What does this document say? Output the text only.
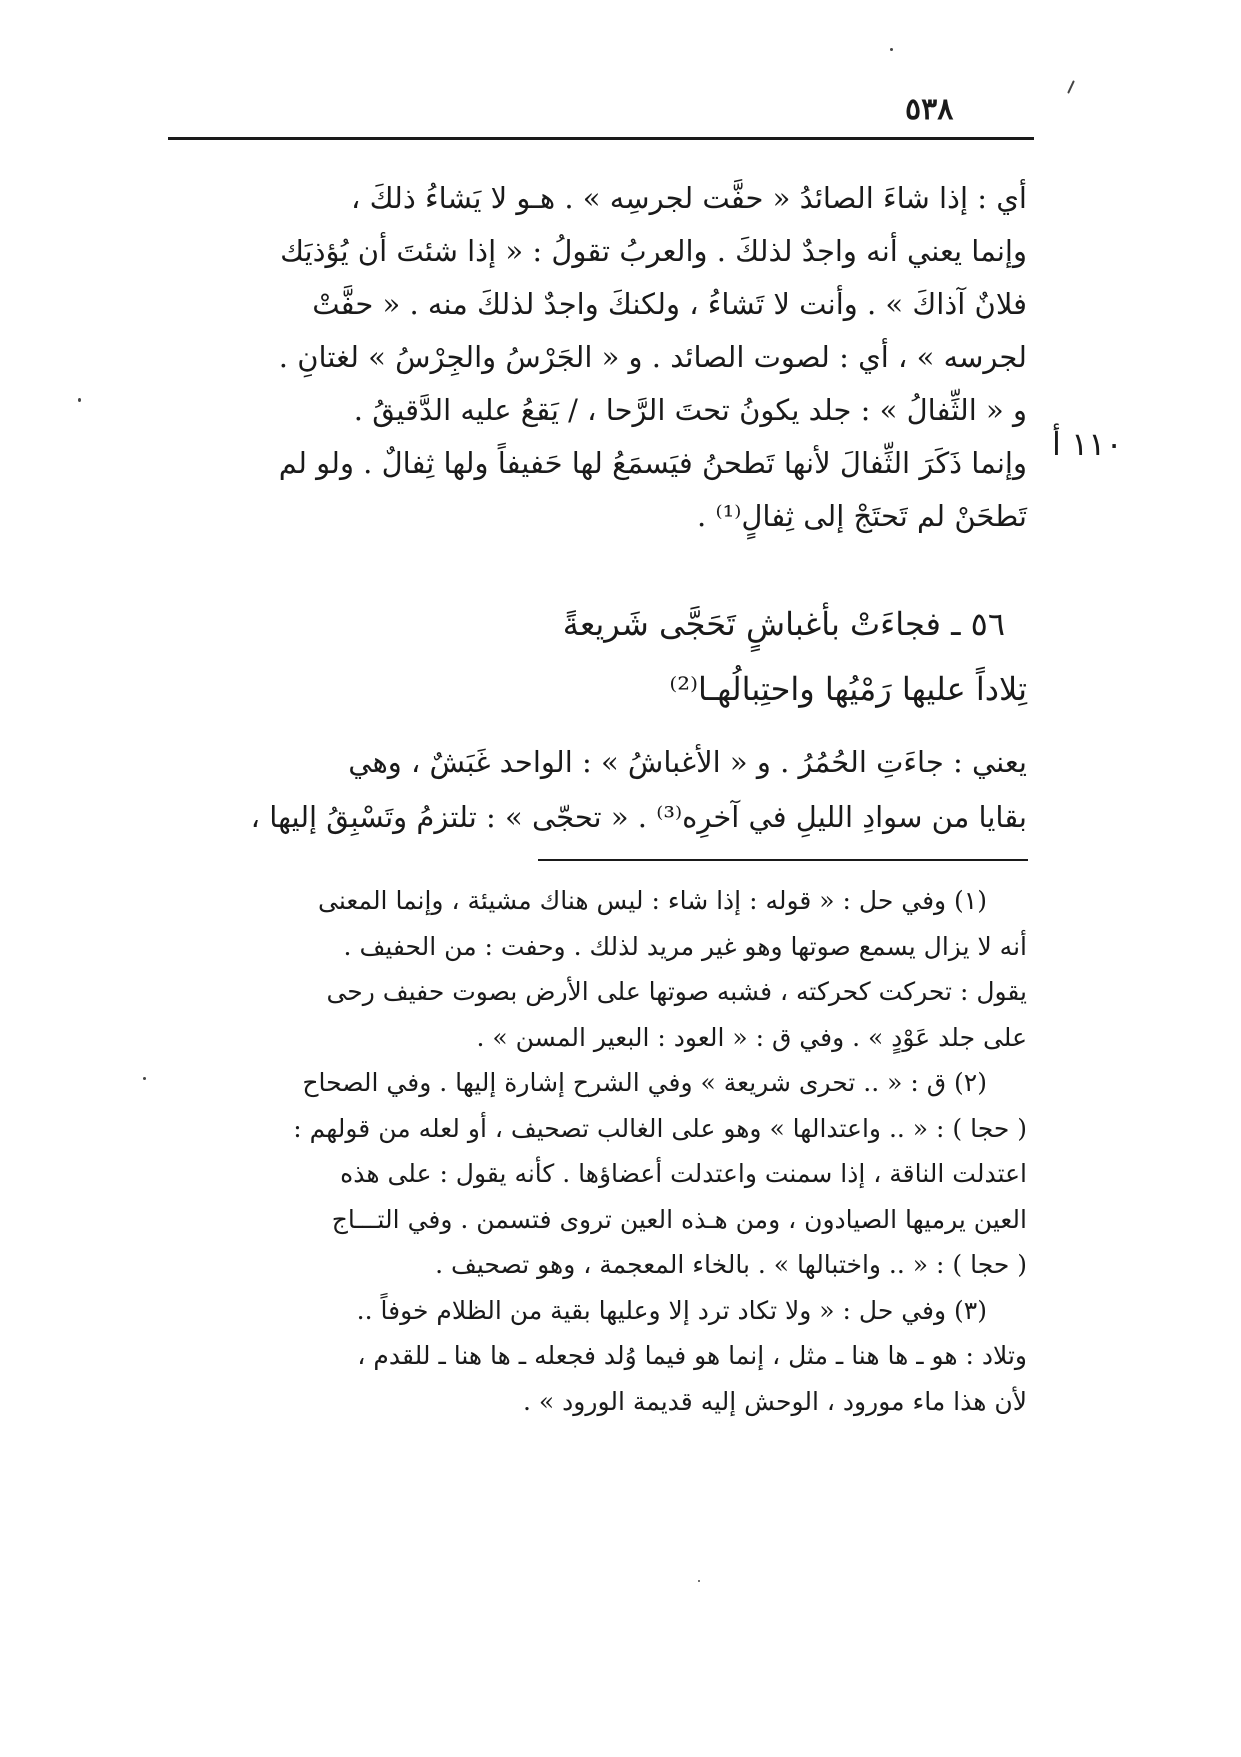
٥٣٨
١١٠ أ
أي : إذا شاءَ الصائدُ « حفَّت لجرسِه » . هـو لا يَشاءُ ذلكَ ،
وإنما يعني أنه واجدٌ لذلكَ . والعربُ تقولُ : « إذا شئتَ أن يُؤذيَك
فلانٌ آذاكَ » . وأنت لا تَشاءُ ، ولكنكَ واجدٌ لذلكَ منه . « حفَّتْ
لجرسه » ، أي : لصوت الصائد . و « الجَرْسُ والجِرْسُ » لغتانِ .
و « الثِّفالُ » : جلد يكونُ تحتَ الرَّحا ، / يَقعُ عليه الدَّقيقُ .
وإنما ذَكَرَ الثِّفالَ لأنها تَطحنُ فيَسمَعُ لها حَفيفاً ولها ثِفالٌ . ولو لم
تَطحَنْ لم تَحتَجْ إلى ثِفالٍ⁽¹⁾ .
٥٦ ـ فجاءَتْ بأغباشٍ تَحَجَّى شَريعةً
تِلاداً عليها رَمْيُها واحتِبالُهـا⁽²⁾
يعني : جاءَتِ الحُمُرُ . و « الأغباشُ » : الواحد غَبَشٌ ، وهي
بقايا من سوادِ الليلِ في آخرِه⁽³⁾ . « تحجّى » : تلتزمُ وتَسْبِقُ إليها ،
(١) وفي حل : « قوله : إذا شاء : ليس هناك مشيئة ، وإنما المعنى
أنه لا يزال يسمع صوتها وهو غير مريد لذلك . وحفت : من الحفيف .
يقول : تحركت كحركته ، فشبه صوتها على الأرض بصوت حفيف رحى
على جلد عَوْدٍ » . وفي ق : « العود : البعير المسن » .
(٢) ق : « .. تحرى شريعة » وفي الشرح إشارة إليها . وفي الصحاح
( حجا ) : « .. واعتدالها » وهو على الغالب تصحيف ، أو لعله من قولهم :
اعتدلت الناقة ، إذا سمنت واعتدلت أعضاؤها . كأنه يقول : على هذه
العين يرميها الصيادون ، ومن هـذه العين تروى فتسمن . وفي التـــاج
( حجا ) : « .. واختبالها » . بالخاء المعجمة ، وهو تصحيف .
(٣) وفي حل : « ولا تكاد ترد إلا وعليها بقية من الظلام خوفاً ..
وتلاد : هو ـ ها هنا ـ مثل ، إنما هو فيما وُلد فجعله ـ ها هنا ـ للقدم ،
لأن هذا ماء مورود ، الوحش إليه قديمة الورود » .
